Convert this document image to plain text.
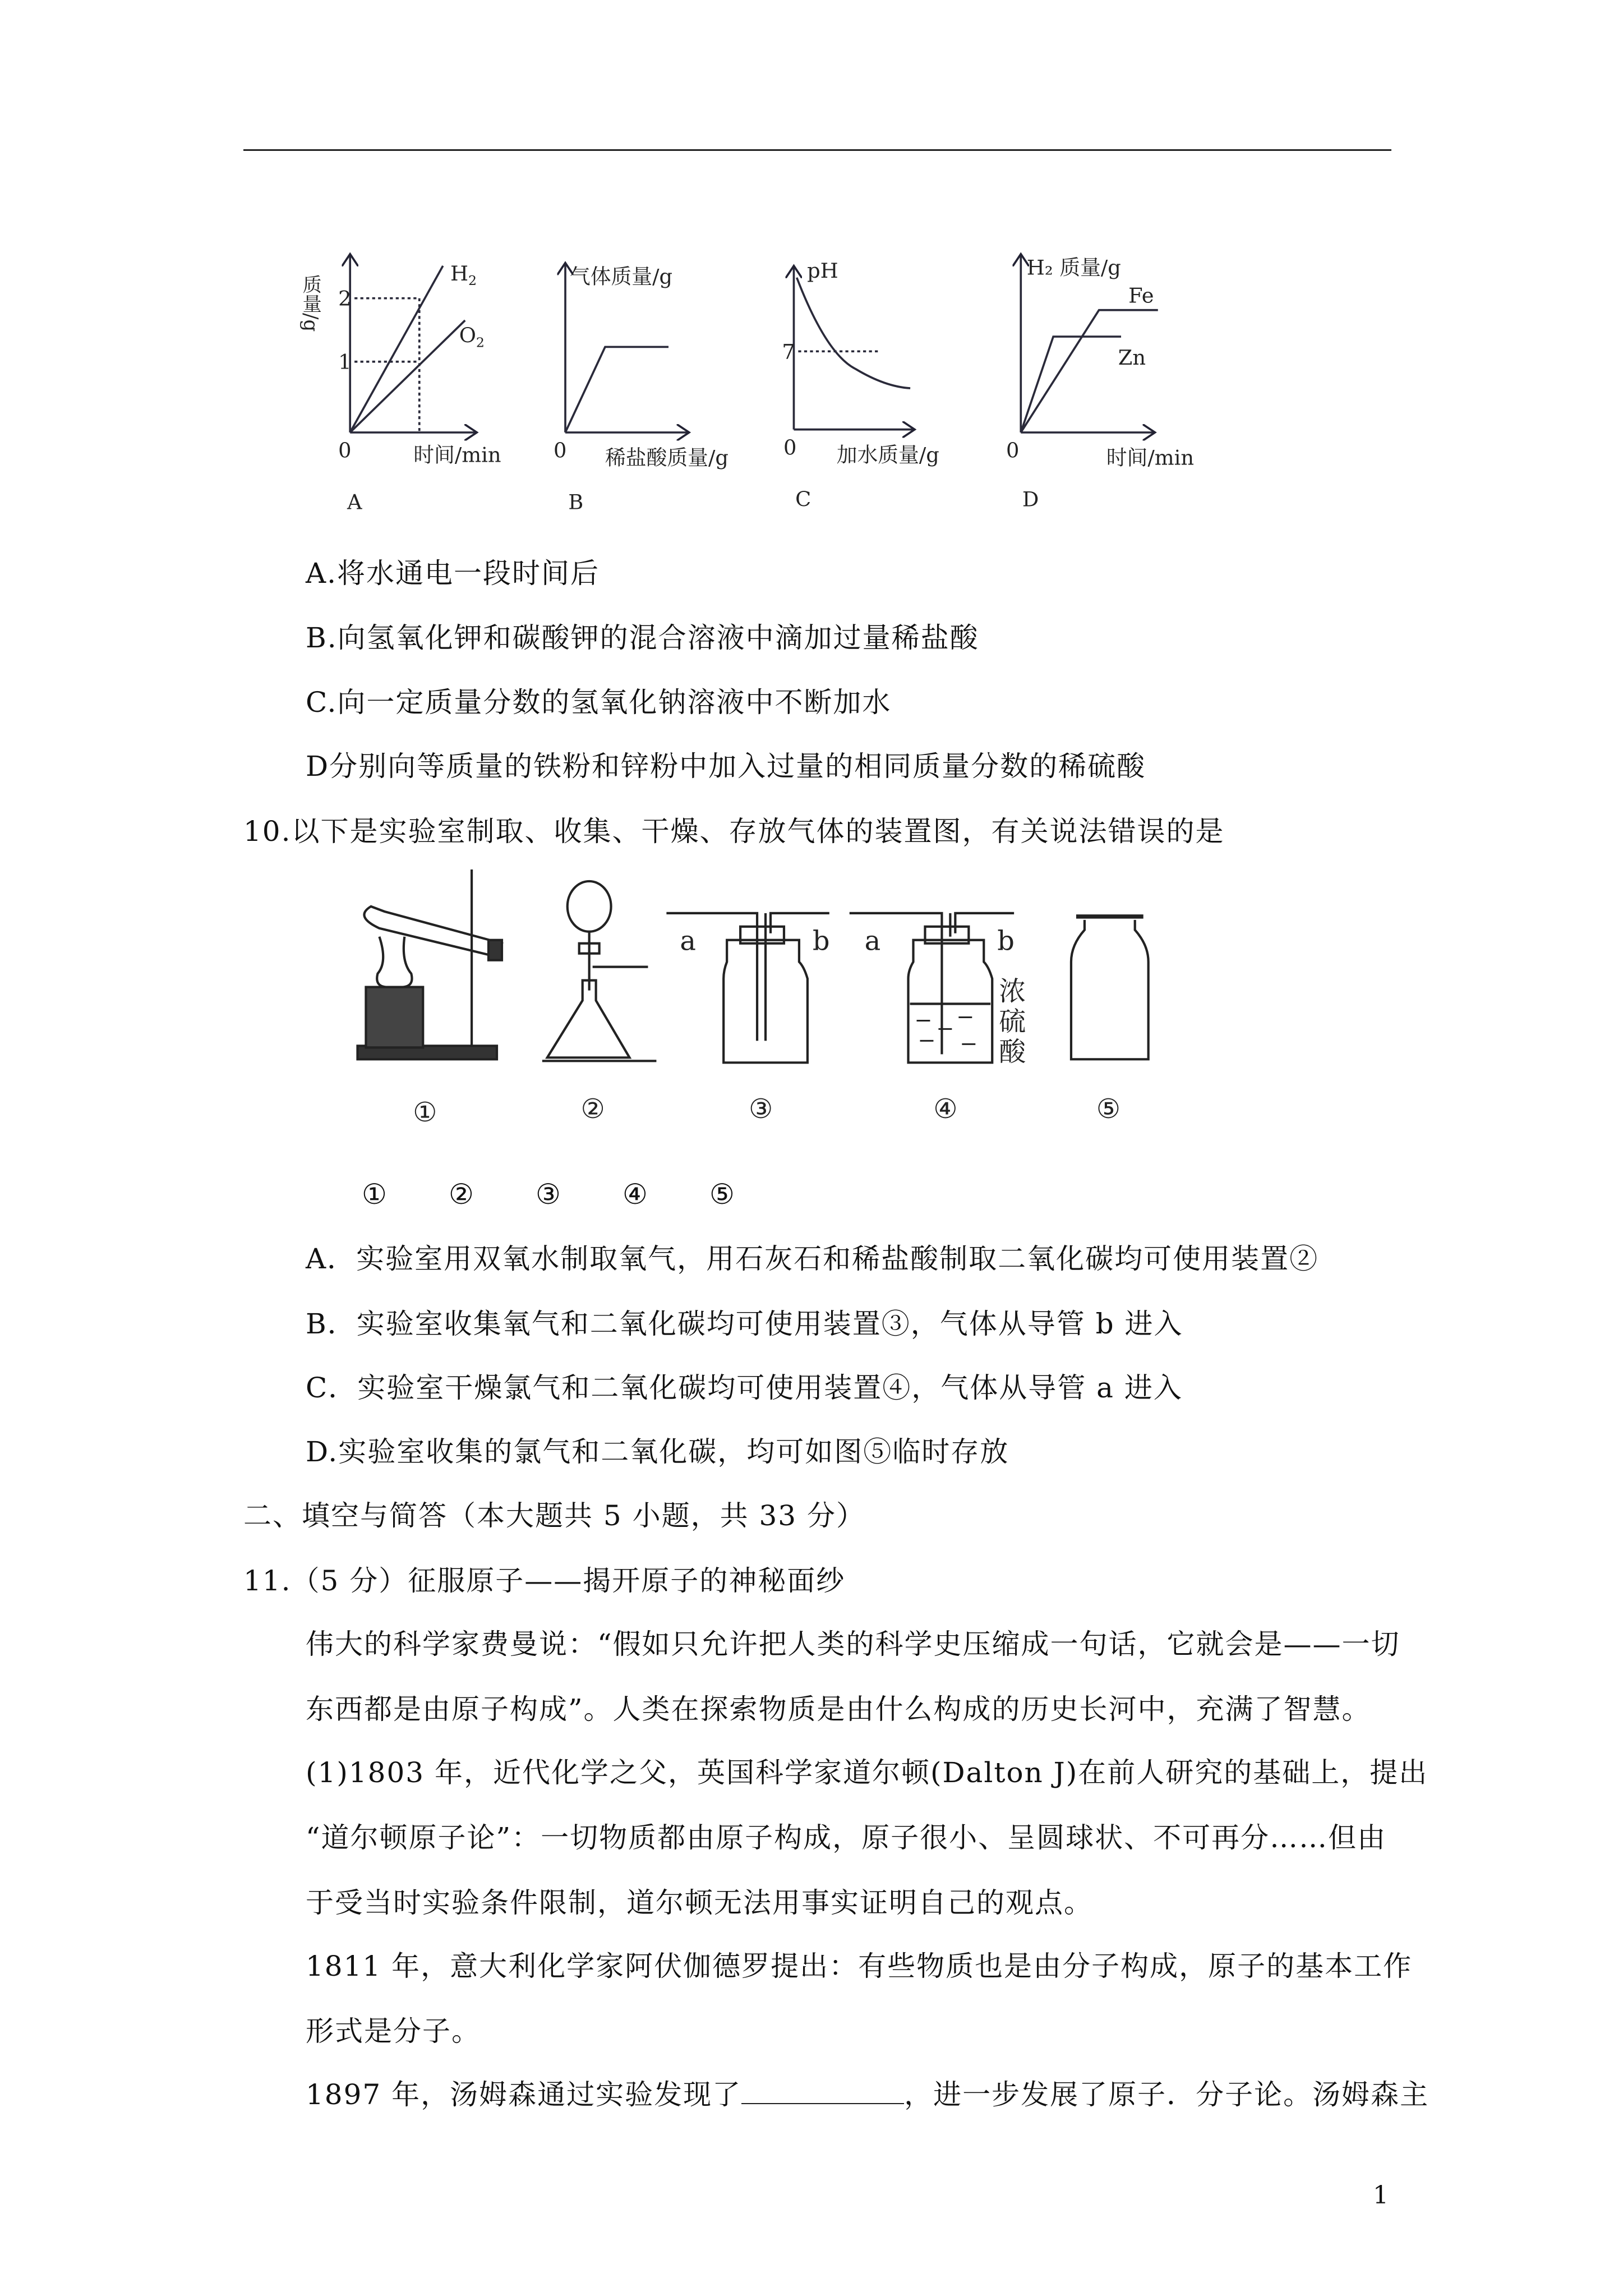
质量/g 2
1
0	时间/min
$H_2$
$O_2$
A
气体质量/g
0	稀盐酸质量/g
B
pH
7
0	加水质量/g
C
H₂ 质量/g
0	时间/min
Fe
Zn
D
A.将水通电一段时间后
B.向氢氧化钾和碳酸钾的混合溶液中滴加过量稀盐酸
C.向一定质量分数的氢氧化钠溶液中不断加水
D分别向等质量的铁粉和锌粉中加入过量的相同质量分数的稀硫酸
10.以下是实验室制取、收集、干燥、存放气体的装置图，有关说法错误的是
a	b	a	b
浓
硫
酸
①	②	③	④	⑤
① ② ③ ④ ⑤
A．实验室用双氧水制取氧气，用石灰石和稀盐酸制取二氧化碳均可使用装置②
B．实验室收集氧气和二氧化碳均可使用装置③，气体从导管 b 进入
C．实验室干燥氯气和二氧化碳均可使用装置④，气体从导管 a 进入
D.实验室收集的氯气和二氧化碳，均可如图⑤临时存放
二、填空与简答（本大题共 5 小题，共 33 分）
11.（5 分）征服原子——揭开原子的神秘面纱
伟大的科学家费曼说：“假如只允许把人类的科学史压缩成一句话，它就会是——一切
东西都是由原子构成”。人类在探索物质是由什么构成的历史长河中，充满了智慧。
(1)1803 年，近代化学之父，英国科学家道尔顿(Dalton J)在前人研究的基础上，提出
“道尔顿原子论”：一切物质都由原子构成，原子很小、呈圆球状、不可再分……但由
于受当时实验条件限制，道尔顿无法用事实证明自己的观点。
1811 年，意大利化学家阿伏伽德罗提出：有些物质也是由分子构成，原子的基本工作
形式是分子。
1897 年，汤姆森通过实验发现了	，进一步发展了原子．分子论。汤姆森主
1
